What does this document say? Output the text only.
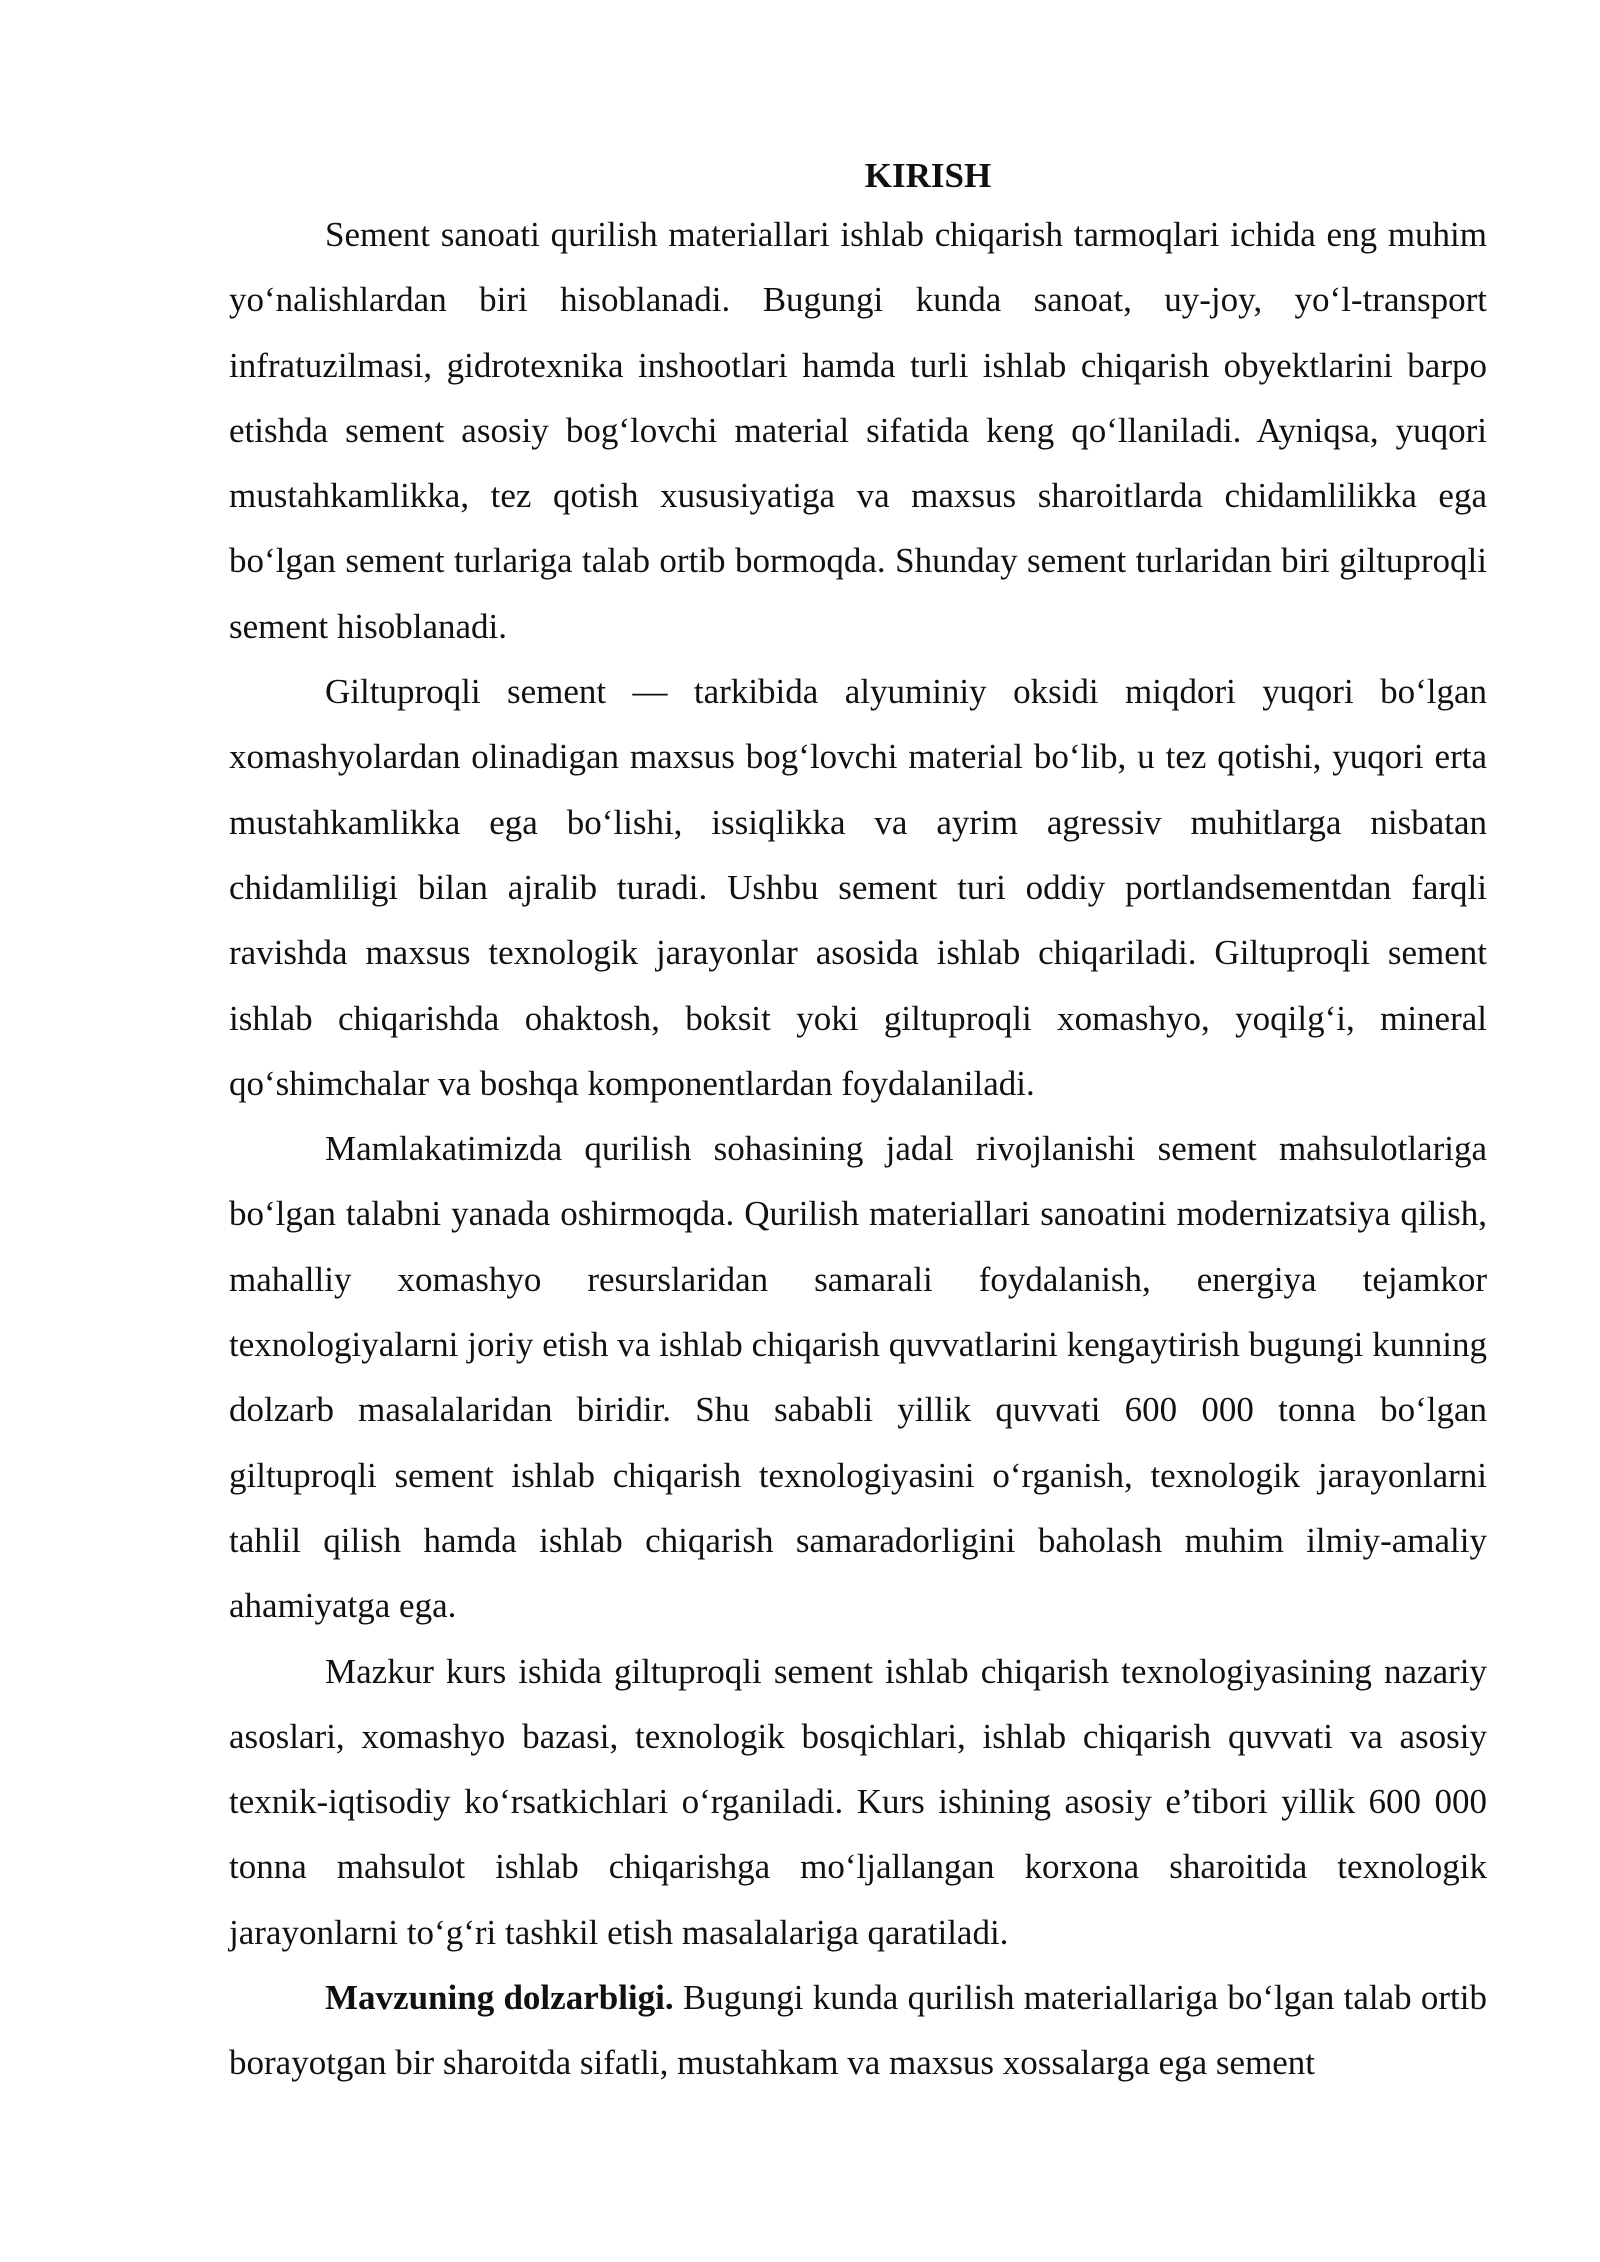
KIRISH

Sement sanoati qurilish materiallari ishlab chiqarish tarmoqlari ichida eng muhim yo‘nalishlardan biri hisoblanadi. Bugungi kunda sanoat, uy-joy, yo‘l-transport infratuzilmasi, gidrotexnika inshootlari hamda turli ishlab chiqarish obyektlarini barpo etishda sement asosiy bog‘lovchi material sifatida keng qo‘llaniladi. Ayniqsa, yuqori mustahkamlikka, tez qotish xususiyatiga va maxsus sharoitlarda chidamlilikka ega bo‘lgan sement turlariga talab ortib bormoqda. Shunday sement turlaridan biri giltuproqli sement hisoblanadi.

Giltuproqli sement — tarkibida alyuminiy oksidi miqdori yuqori bo‘lgan xomashyolardan olinadigan maxsus bog‘lovchi material bo‘lib, u tez qotishi, yuqori erta mustahkamlikka ega bo‘lishi, issiqlikka va ayrim agressiv muhitlarga nisbatan chidamliligi bilan ajralib turadi. Ushbu sement turi oddiy portlandsementdan farqli ravishda maxsus texnologik jarayonlar asosida ishlab chiqariladi. Giltuproqli sement ishlab chiqarishda ohaktosh, boksit yoki giltuproqli xomashyo, yoqilg‘i, mineral qo‘shimchalar va boshqa komponentlardan foydalaniladi.

Mamlakatimizda qurilish sohasining jadal rivojlanishi sement mahsulotlariga bo‘lgan talabni yanada oshirmoqda. Qurilish materiallari sanoatini modernizatsiya qilish, mahalliy xomashyo resurslaridan samarali foydalanish, energiya tejamkor texnologiyalarni joriy etish va ishlab chiqarish quvvatlarini kengaytirish bugungi kunning dolzarb masalalaridan biridir. Shu sababli yillik quvvati 600 000 tonna bo‘lgan giltuproqli sement ishlab chiqarish texnologiyasini o‘rganish, texnologik jarayonlarni tahlil qilish hamda ishlab chiqarish samaradorligini baholash muhim ilmiy-amaliy ahamiyatga ega.

Mazkur kurs ishida giltuproqli sement ishlab chiqarish texnologiyasining nazariy asoslari, xomashyo bazasi, texnologik bosqichlari, ishlab chiqarish quvvati va asosiy texnik-iqtisodiy ko‘rsatkichlari o‘rganiladi. Kurs ishining asosiy e’tibori yillik 600 000 tonna mahsulot ishlab chiqarishga mo‘ljallangan korxona sharoitida texnologik jarayonlarni to‘g‘ri tashkil etish masalalariga qaratiladi.

Mavzuning dolzarbligi. Bugungi kunda qurilish materiallariga bo‘lgan talab ortib borayotgan bir sharoitda sifatli, mustahkam va maxsus xossalarga ega sement
